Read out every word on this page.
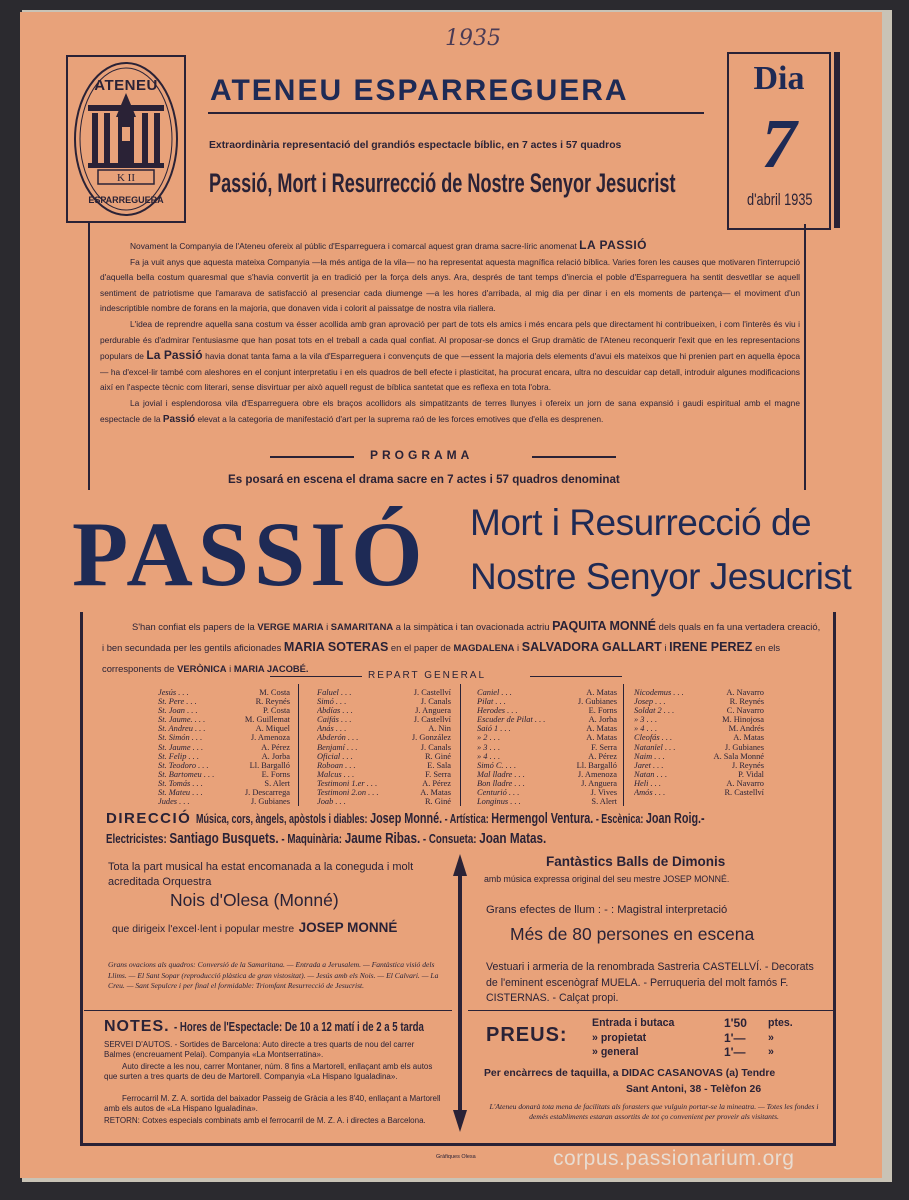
1935
K II
ATENEU
ESPARREGUERA
ATENEU ESPARREGUERA
Extraordinària representació del grandiós espectacle bíblic, en 7 actes i 57 quadros
Passió, Mort i Resurrecció de Nostre Senyor Jesucrist
Dia
7
d'abril 1935

Novament la Companyia de l'Ateneu ofereix al públic d'Esparreguera i comarcal aquest gran drama sacre-líric anomenat LA PASSIÓ

Fa ja vuit anys que aquesta mateixa Companyia —la més antiga de la vila— no ha representat aquesta magnífica relació bíblica. Varies foren les causes que motivaren l'interrupció d'aquella bella costum quaresmal que s'havia convertit ja en tradició per la força dels anys. Ara, després de tant temps d'inercia el poble d'Esparreguera ha sentit desvetllar se aquell sentiment de patriotisme que l'amarava de satisfacció al presenciar cada diumenge —a les hores d'arribada, al mig dia per dinar i en els moments de partença— el moviment d'un indescriptible nombre de forans en la majoria, que donaven vida i colorit al paissatge de nostra vila riallera.

L'idea de reprendre aquella sana costum va ésser acollida amb gran aprovació per part de tots els amics i més encara pels que directament hi contribueixen, i com l'interès és viu i perdurable és d'admirar l'entusiasme que han posat tots en el treball a cada qual confiat. Al proposar-se doncs el Grup dramàtic de l'Ateneu reconquerir l'exit que en les representacions populars de La Passió havia donat tanta fama a la vila d'Esparreguera i convençuts de que —essent la majoria dels elements d'avui els mateixos que hi prenien part en aquella època— ha d'excel·lir també com aleshores en el conjunt interpretatiu i en els quadros de bell efecte i plasticitat, ha procurat encara, ultra no descuidar cap detall, introduir algunes modificacions així en l'aspecte tècnic com literari, sense disvirtuar per això aquell regust de bíblica santetat que es reflexa en tota l'obra.

La jovial i esplendorosa vila d'Esparreguera obre els braços acollidors als simpatitzants de terres llunyes i ofereix un jorn de sana expansió i gaudi espiritual amb el magne espectacle de la Passió elevat a la categoria de manifestació d'art per la suprema raó de les forces emotives que d'ella es desprenen.

PROGRAMA
Es posará en escena el drama sacre en 7 actes i 57 quadros denominat
PASSIÓ Mort i Resurrecció de
Nostre Senyor Jesucrist
S'han confiat els papers de la VERGE MARIA i SAMARITANA a la simpàtica i tan ovacionada actriu PAQUITA MONNÉ dels quals en fa una vertadera creació, i ben secundada per les gentils aficionades MARIA SOTERAS en el paper de MAGDALENA i SALVADORA GALLART i IRENE PEREZ en els corresponents de VERÒNICA i MARIA JACOBÉ.
REPART GENERAL
Jesús . . .	M. Costa
St. Pere . . .	R. Reynés
St. Joan . . .	P. Costa
St. Jaume. . . .	M. Guillemat
St. Andreu . . .	A. Miquel
St. Simón . . .	J. Amenoza
St. Jaume . . .	A. Pérez
St. Felip . . .	A. Jorba
St. Teodoro . . .	Ll. Bargalló
St. Bartomeu . . .	E. Forns
St. Tomás . . .	S. Alert
St. Mateu . . .	J. Descarrega
Judes . . .	J. Gubianes
Faluel . . .	J. Castellví
Simó . . .	J. Canals
Abdías . . .	J. Anguera
Caifás . . .	J. Castellví
Anás . . .	A. Nin
Abderón . . .	J. González
Benjamí . . .	J. Canals
Oficial . . .	R. Giné
Roboan . . .	E. Sala
Malcus . . .	F. Serra
Testimoni 1.er . . .	A. Pérez
Testimoni 2.on . . .	A. Matas
Joab . . .	R. Giné
Caniel . . .	A. Matas
Pilat . . .	J. Gubianes
Herodes . . .	E. Forns
Escuder de Pilat . . .	A. Jorba
Saió 1 . . .	A. Matas
» 2 . . .	A. Matas
» 3 . . .	F. Serra
» 4 . . .	A. Pérez
Simó C. . . .	Ll. Bargalló
Mal lladre . . .	J. Amenoza
Bon lladre . . .	J. Anguera
Centurió . . .	J. Vives
Longinus . . .	S. Alert
Nicodemus . . .	A. Navarro
Josep . . .	R. Reynés
Soldat 2 . . .	C. Navarro
» 3 . . .	M. Hinojosa
» 4 . . .	M. Andrés
Cleofás . . .	A. Matas
Natanïel . . .	J. Gubianes
Naim . . .	A. Sala Monné
Jaret . . .	J. Reynés
Natan . . .	P. Vidal
Heli . . .	A. Navarro
Amós . . .	R. Castellví
DIRECCIÓ Música, cors, àngels, apòstols i diables: Josep Monné. - Artística: Hermengol Ventura. - Escènica: Joan Roig.-
Electricistes: Santiago Busquets. - Maquinària: Jaume Ribas. - Consueta: Joan Matas.
Tota la part musical ha estat encomanada a la coneguda i molt acreditada Orquestra
Nois d'Olesa (Monné)
que dirigeix l'excel·lent i popular mestre JOSEP MONNÉ
Grans ovacions als quadros: Conversió de la Samaritana. — Entrada a Jerusalem. — Fantàstica visió dels Llims. — El Sant Sopar (reproducció plàstica de gran vistositat). — Jesús amb els Nois. — El Calvari. — La Creu. — Sant Sepulcre i per final el formidable: Triomfant Resurrecció de Jesucrist.
Fantàstics Balls de Dimonis
amb música expressa original del seu mestre JOSEP MONNÉ.
Grans efectes de llum : - : Magistral interpretació
Més de 80 persones en escena
Vestuari i armeria de la renombrada Sastreria CASTELLVÍ. - Decorats de l'eminent escenògraf MUELA. - Perruqueria del molt famós F. CISTERNAS. - Calçat propi.
NOTES. - Hores de l'Espectacle: De 10 a 12 matí i de 2 a 5 tarda
SERVEI D'AUTOS. - Sortides de Barcelona: Auto directe a tres quarts de nou del carrer Balmes (encreuament Pelai). Companyia «La Montserratina».
Auto directe a les nou, carrer Montaner, núm. 8 fins a Martorell, enllaçant amb els autos que surten a tres quarts de deu de Martorell. Companyia «La Hispano Igualadina».
Ferrocarril M. Z. A. sortida del baixador Passeig de Gràcia a les 8'40, enllaçant a Martorell amb els autos de «La Hispano Igualadina».
RETORN: Cotxes especials combinats amb el ferrocarril de M. Z. A. i directes a Barcelona.
PREUS:
Entrada i butaca	1'50	ptes.
» propietat	1'—	»
» general	1'—	»
Per encàrrecs de taquilla, a DIDAC CASANOVAS (a) Tendre
Sant Antoni, 38 - Telèfon 26
L'Ateneu donarà tota mena de facilitats als forasters que vulguin portar-se la mineatra. — Totes les fondes i demés establiments estaran assortits de tot ço convenient per proveir als visitants.
Gràfiques Olesa	corpus.passionarium.org
